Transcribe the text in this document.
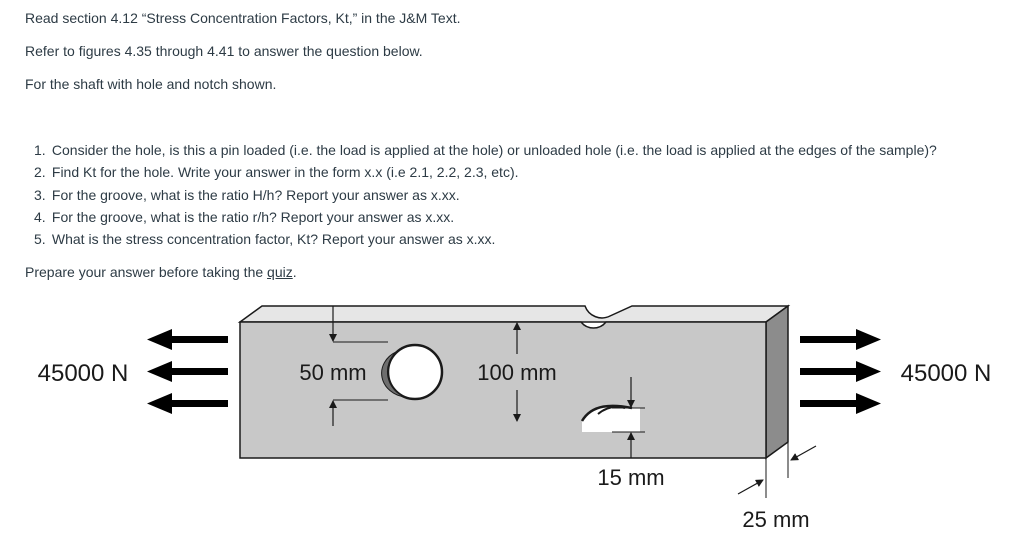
Read section 4.12 “Stress Concentration Factors, Kt,” in the J&M Text.

Refer to figures 4.35 through 4.41 to answer the question below.

For the shaft with hole and notch shown.

1. Consider the hole, is this a pin loaded (i.e. the load is applied at the hole) or unloaded hole (i.e. the load is applied at the edges of the sample)?
2. Find Kt for the hole. Write your answer in the form x.x (i.e 2.1, 2.2, 2.3, etc).
3. For the groove, what is the ratio H/h? Report your answer as x.xx.
4. For the groove, what is the ratio r/h? Report your answer as x.xx.
5. What is the stress concentration factor, Kt? Report your answer as x.xx.

Prepare your answer before taking the quiz.

50 mm	100 mm
15 mm
25 mm
45000 N	45000 N
